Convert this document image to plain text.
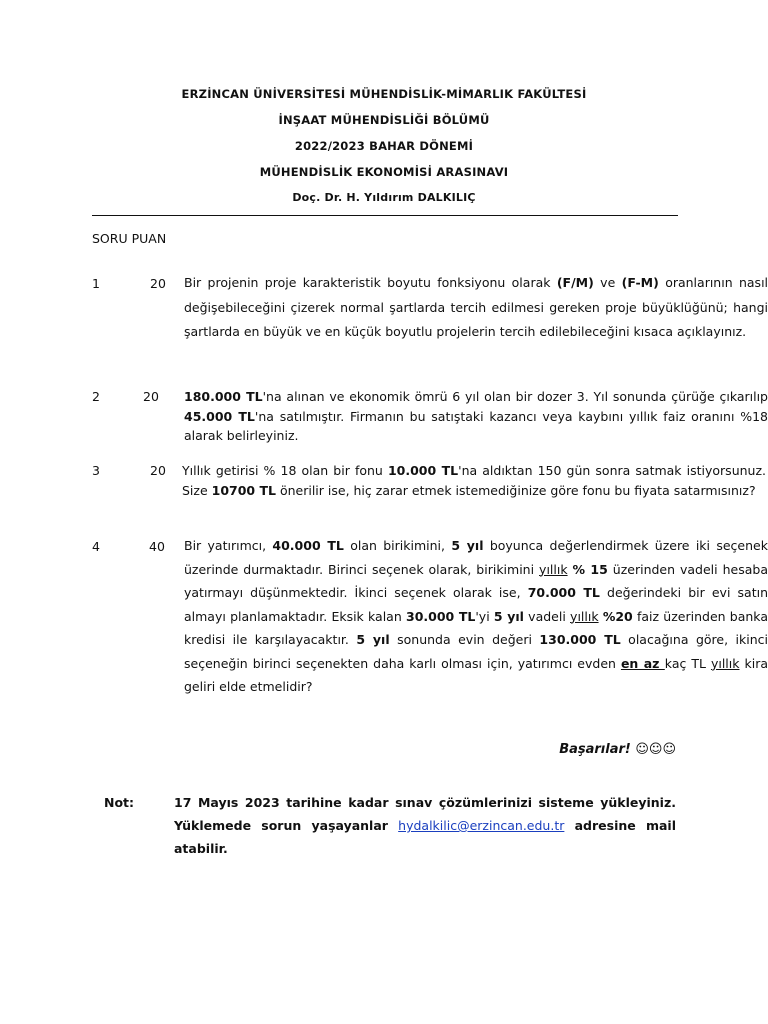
ERZİNCAN ÜNİVERSİTESİ MÜHENDİSLİK-MİMARLIK FAKÜLTESİ
İNŞAAT MÜHENDİSLİĞİ BÖLÜMÜ
2022/2023 BAHAR DÖNEMİ
MÜHENDİSLİK EKONOMİSİ ARASINAVI
Doç. Dr. H. Yıldırım DALKILIÇ
SORU PUAN
1	20 Bir projenin proje karakteristik boyutu fonksiyonu olarak (F/M) ve (F-M) oranlarının nasıl değişebileceğini çizerek normal şartlarda tercih edilmesi gereken proje büyüklüğünü; hangi şartlarda en büyük ve en küçük boyutlu projelerin tercih edilebileceğini kısaca açıklayınız.
2	20 180.000 TL'na alınan ve ekonomik ömrü 6 yıl olan bir dozer 3. Yıl sonunda çürüğe çıkarılıp 45.000 TL'na satılmıştır. Firmanın bu satıştaki kazancı veya kaybını yıllık faiz oranını %18 alarak belirleyiniz.
3	20 Yıllık getirisi % 18 olan bir fonu 10.000 TL'na aldıktan 150 gün sonra satmak istiyorsunuz. Size 10700 TL önerilir ise, hiç zarar etmek istemediğinize göre fonu bu fiyata satarmısınız?
4	40 Bir yatırımcı, 40.000 TL olan birikimini, 5 yıl boyunca değerlendirmek üzere iki seçenek üzerinde durmaktadır. Birinci seçenek olarak, birikimini yıllık % 15 üzerinden vadeli hesaba yatırmayı düşünmektedir. İkinci seçenek olarak ise, 70.000 TL değerindeki bir evi satın almayı planlamaktadır. Eksik kalan 30.000 TL'yi 5 yıl vadeli yıllık %20 faiz üzerinden banka kredisi ile karşılayacaktır. 5 yıl sonunda evin değeri 130.000 TL olacağına göre, ikinci seçeneğin birinci seçenekten daha karlı olması için, yatırımcı evden en az kaç TL yıllık kira geliri elde etmelidir?
Başarılar! ☺☺☺
Not:	17 Mayıs 2023 tarihine kadar sınav çözümlerinizi sisteme yükleyiniz. Yüklemede sorun yaşayanlar hydalkilic@erzincan.edu.tr adresine mail atabilir.
